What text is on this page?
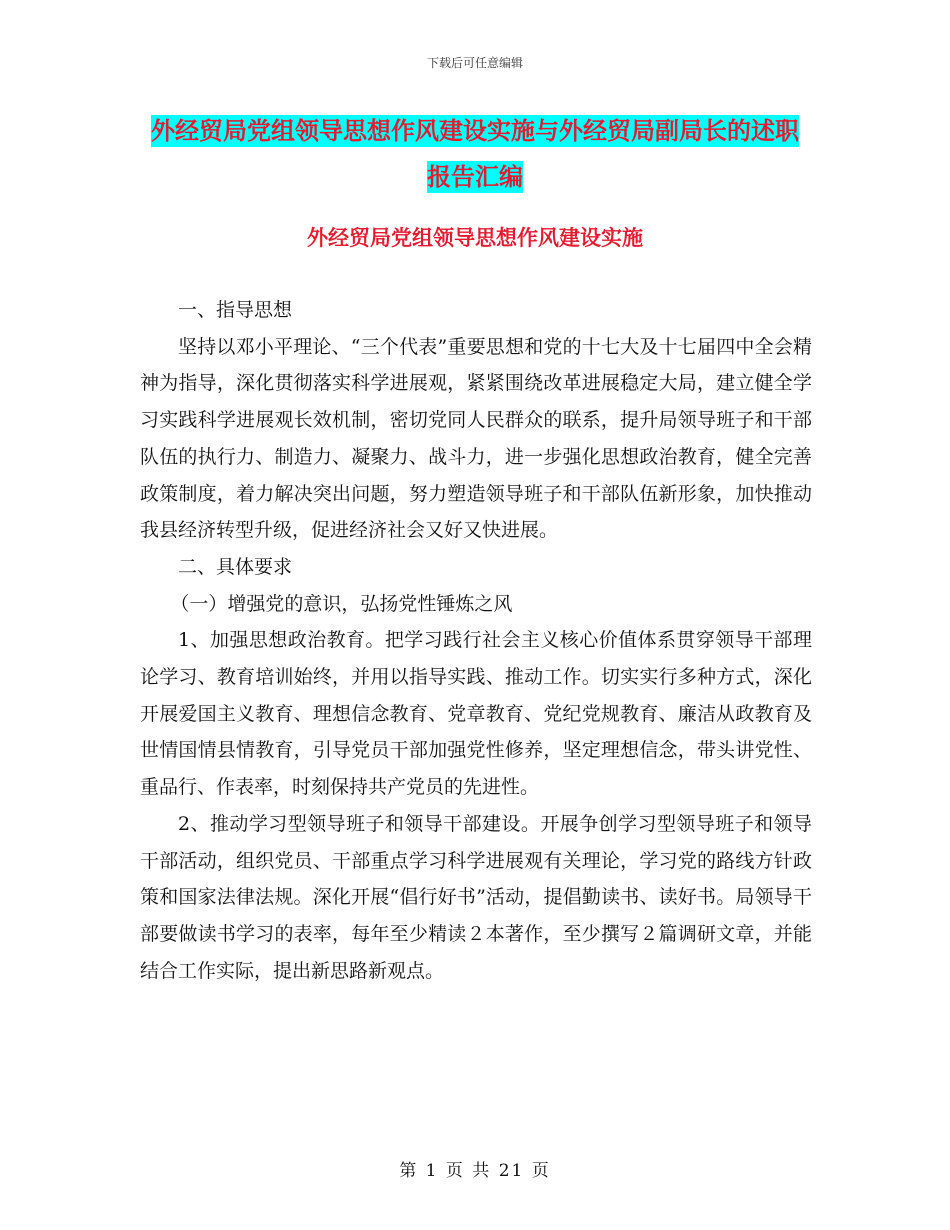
下载后可任意编辑
外经贸局党组领导思想作风建设实施与外经贸局副局长的述职报告汇编
外经贸局党组领导思想作风建设实施

一、指导思想

坚持以邓小平理论、“三个代表”重要思想和党的十七大及十七届四中全会精神为指导，深化贯彻落实科学进展观，紧紧围绕改革进展稳定大局，建立健全学习实践科学进展观长效机制，密切党同人民群众的联系，提升局领导班子和干部队伍的执行力、制造力、凝聚力、战斗力，进一步强化思想政治教育，健全完善政策制度，着力解决突出问题，努力塑造领导班子和干部队伍新形象，加快推动我县经济转型升级，促进经济社会又好又快进展。

二、具体要求

（一）增强党的意识，弘扬党性锤炼之风

1、加强思想政治教育。把学习践行社会主义核心价值体系贯穿领导干部理论学习、教育培训始终，并用以指导实践、推动工作。切实实行多种方式，深化开展爱国主义教育、理想信念教育、党章教育、党纪党规教育、廉洁从政教育及世情国情县情教育，引导党员干部加强党性修养，坚定理想信念，带头讲党性、重品行、作表率，时刻保持共产党员的先进性。

2、推动学习型领导班子和领导干部建设。开展争创学习型领导班子和领导干部活动，组织党员、干部重点学习科学进展观有关理论，学习党的路线方针政策和国家法律法规。深化开展“倡行好书”活动，提倡勤读书、读好书。局领导干部要做读书学习的表率，每年至少精读２本著作，至少撰写２篇调研文章，并能结合工作实际，提出新思路新观点。

第 1 页 共 21 页
